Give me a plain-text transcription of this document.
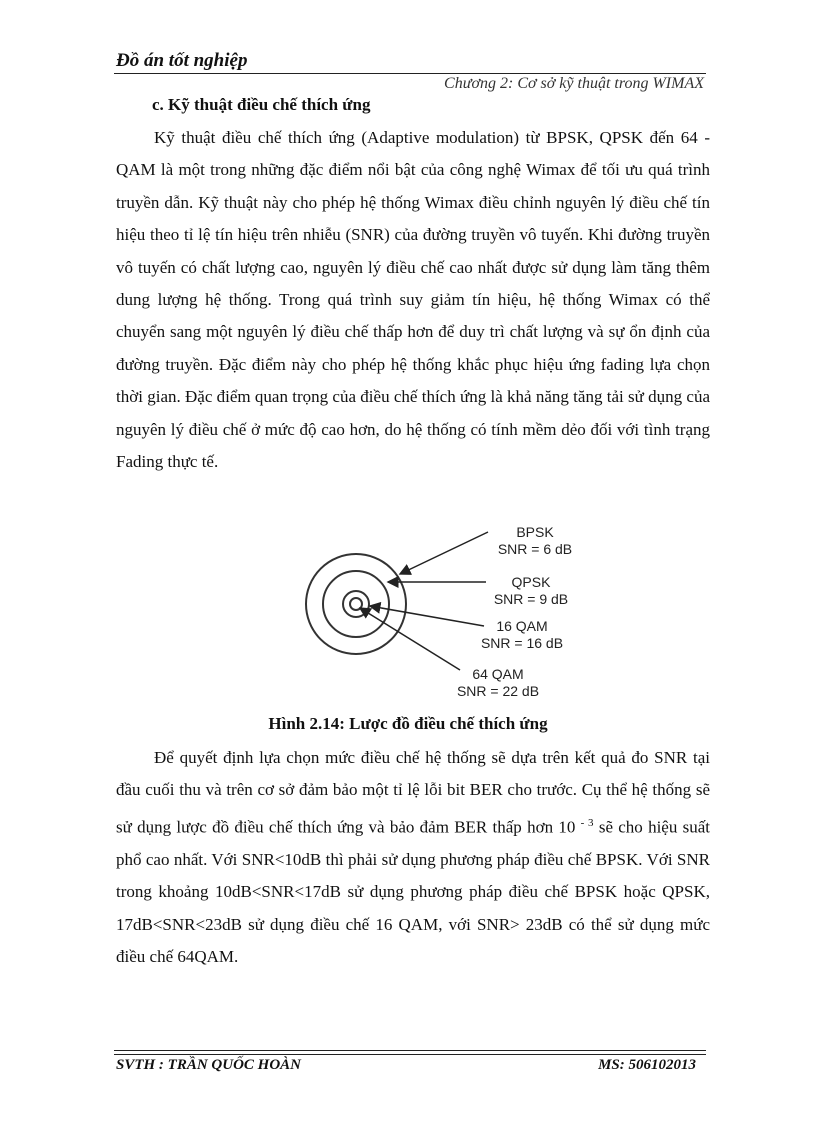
Đồ án tốt nghiệp
Chương 2: Cơ sở kỹ thuật trong WIMAX
c. Kỹ thuật điều chế thích ứng
Kỹ thuật điều chế thích ứng (Adaptive modulation) từ BPSK, QPSK đến 64 - QAM là một trong những đặc điểm nổi bật của công nghệ Wimax để tối ưu quá trình truyền dẫn. Kỹ thuật này cho phép hệ thống Wimax điều chỉnh nguyên lý điều chế tín hiệu theo tỉ lệ tín hiệu trên nhiễu (SNR) của đường truyền vô tuyến. Khi đường truyền vô tuyến có chất lượng cao, nguyên lý điều chế cao nhất được sử dụng làm tăng thêm dung lượng hệ thống. Trong quá trình suy giảm tín hiệu, hệ thống Wimax có thể chuyển sang một nguyên lý điều chế thấp hơn để duy trì chất lượng và sự ổn định của đường truyền. Đặc điểm này cho phép hệ thống khắc phục hiệu ứng fading lựa chọn thời gian. Đặc điểm quan trọng của điều chế thích ứng là khả năng tăng tải sử dụng của nguyên lý điều chế ở mức độ cao hơn, do hệ thống có tính mềm dẻo đối với tình trạng Fading thực tế.
BPSK
SNR = 6 dB
QPSK
SNR = 9 dB
16 QAM
SNR = 16 dB
64 QAM
SNR = 22 dB
Hình 2.14: Lược đồ điều chế thích ứng
Để quyết định lựa chọn mức điều chế hệ thống sẽ dựa trên kết quả đo SNR tại đầu cuối thu và trên cơ sở đảm bảo một tỉ lệ lỗi bit BER cho trước. Cụ thể hệ thống sẽ sử dụng lược đồ điều chế thích ứng và bảo đảm BER thấp hơn 10 $^{- 3}$ sẽ cho hiệu suất phổ cao nhất. Với SNR<10dB thì phải sử dụng phương pháp điều chế BPSK. Với SNR trong khoảng 10dB<SNR<17dB sử dụng phương pháp điều chế BPSK hoặc QPSK, 17dB<SNR<23dB sử dụng điều chế 16 QAM, với SNR> 23dB có thể sử dụng mức điều chế 64QAM.
SVTH : TRẦN QUỐC HOÀN	MS: 506102013
